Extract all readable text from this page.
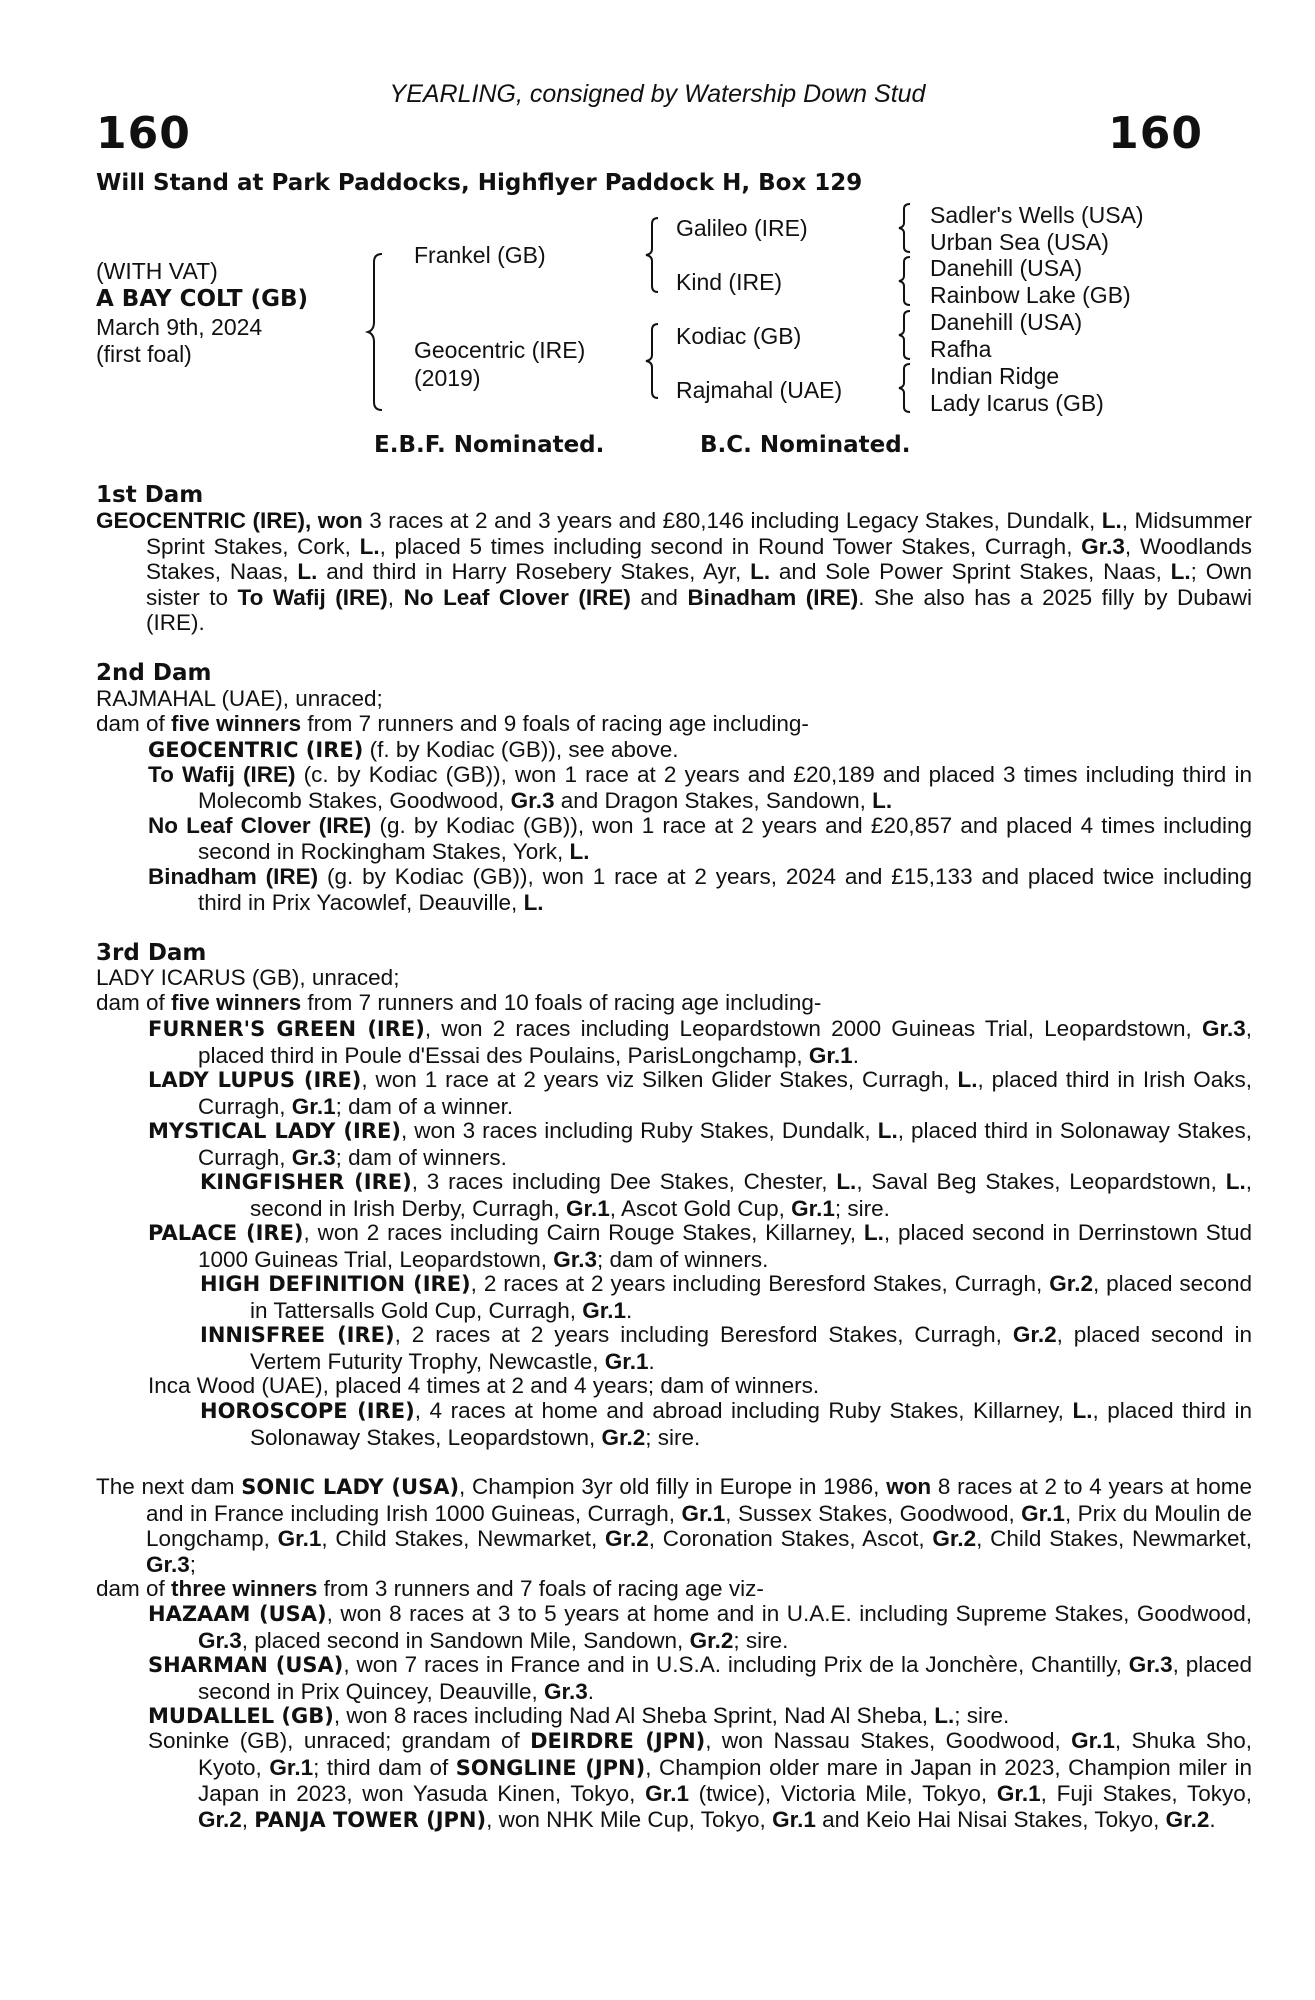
YEARLING, consigned by Watership Down Stud
160	160
Will Stand at Park Paddocks, Highflyer Paddock H, Box 129
(WITH VAT)
A BAY COLT (GB)
March 9th, 2024
(first foal)
Frankel (GB)
Geocentric (IRE)
(2019)
Galileo (IRE)
Kind (IRE)
Kodiac (GB)
Rajmahal (UAE)
Sadler's Wells (USA)
Urban Sea (USA)
Danehill (USA)
Rainbow Lake (GB)
Danehill (USA)
Rafha
Indian Ridge
Lady Icarus (GB)
E.B.F. Nominated.	B.C. Nominated.
1st Dam
GEOCENTRIC (IRE), won 3 races at 2 and 3 years and £80,146 including Legacy Stakes, Dundalk, L., Midsummer Sprint Stakes, Cork, L., placed 5 times including second in Round Tower Stakes, Curragh, Gr.3, Woodlands Stakes, Naas, L. and third in Harry Rosebery Stakes, Ayr, L. and Sole Power Sprint Stakes, Naas, L.; Own sister to To Wafij (IRE), No Leaf Clover (IRE) and Binadham (IRE). She also has a 2025 filly by Dubawi (IRE).
2nd Dam
RAJMAHAL (UAE), unraced;
dam of five winners from 7 runners and 9 foals of racing age including-
GEOCENTRIC (IRE) (f. by Kodiac (GB)), see above.
To Wafij (IRE) (c. by Kodiac (GB)), won 1 race at 2 years and £20,189 and placed 3 times including third in Molecomb Stakes, Goodwood, Gr.3 and Dragon Stakes, Sandown, L.
No Leaf Clover (IRE) (g. by Kodiac (GB)), won 1 race at 2 years and £20,857 and placed 4 times including second in Rockingham Stakes, York, L.
Binadham (IRE) (g. by Kodiac (GB)), won 1 race at 2 years, 2024 and £15,133 and placed twice including third in Prix Yacowlef, Deauville, L.
3rd Dam
LADY ICARUS (GB), unraced;
dam of five winners from 7 runners and 10 foals of racing age including-
FURNER'S GREEN (IRE), won 2 races including Leopardstown 2000 Guineas Trial, Leopardstown, Gr.3, placed third in Poule d'Essai des Poulains, ParisLongchamp, Gr.1.
LADY LUPUS (IRE), won 1 race at 2 years viz Silken Glider Stakes, Curragh, L., placed third in Irish Oaks, Curragh, Gr.1; dam of a winner.
MYSTICAL LADY (IRE), won 3 races including Ruby Stakes, Dundalk, L., placed third in Solonaway Stakes, Curragh, Gr.3; dam of winners.
KINGFISHER (IRE), 3 races including Dee Stakes, Chester, L., Saval Beg Stakes, Leopardstown, L., second in Irish Derby, Curragh, Gr.1, Ascot Gold Cup, Gr.1; sire.
PALACE (IRE), won 2 races including Cairn Rouge Stakes, Killarney, L., placed second in Derrinstown Stud 1000 Guineas Trial, Leopardstown, Gr.3; dam of winners.
HIGH DEFINITION (IRE), 2 races at 2 years including Beresford Stakes, Curragh, Gr.2, placed second in Tattersalls Gold Cup, Curragh, Gr.1.
INNISFREE (IRE), 2 races at 2 years including Beresford Stakes, Curragh, Gr.2, placed second in Vertem Futurity Trophy, Newcastle, Gr.1.
Inca Wood (UAE), placed 4 times at 2 and 4 years; dam of winners.
HOROSCOPE (IRE), 4 races at home and abroad including Ruby Stakes, Killarney, L., placed third in Solonaway Stakes, Leopardstown, Gr.2; sire.
The next dam SONIC LADY (USA), Champion 3yr old filly in Europe in 1986, won 8 races at 2 to 4 years at home and in France including Irish 1000 Guineas, Curragh, Gr.1, Sussex Stakes, Goodwood, Gr.1, Prix du Moulin de Longchamp, Gr.1, Child Stakes, Newmarket, Gr.2, Coronation Stakes, Ascot, Gr.2, Child Stakes, Newmarket, Gr.3;
dam of three winners from 3 runners and 7 foals of racing age viz-
HAZAAM (USA), won 8 races at 3 to 5 years at home and in U.A.E. including Supreme Stakes, Goodwood, Gr.3, placed second in Sandown Mile, Sandown, Gr.2; sire.
SHARMAN (USA), won 7 races in France and in U.S.A. including Prix de la Jonchère, Chantilly, Gr.3, placed second in Prix Quincey, Deauville, Gr.3.
MUDALLEL (GB), won 8 races including Nad Al Sheba Sprint, Nad Al Sheba, L.; sire.
Soninke (GB), unraced; grandam of DEIRDRE (JPN), won Nassau Stakes, Goodwood, Gr.1, Shuka Sho, Kyoto, Gr.1; third dam of SONGLINE (JPN), Champion older mare in Japan in 2023, Champion miler in Japan in 2023, won Yasuda Kinen, Tokyo, Gr.1 (twice), Victoria Mile, Tokyo, Gr.1, Fuji Stakes, Tokyo, Gr.2, PANJA TOWER (JPN), won NHK Mile Cup, Tokyo, Gr.1 and Keio Hai Nisai Stakes, Tokyo, Gr.2.
